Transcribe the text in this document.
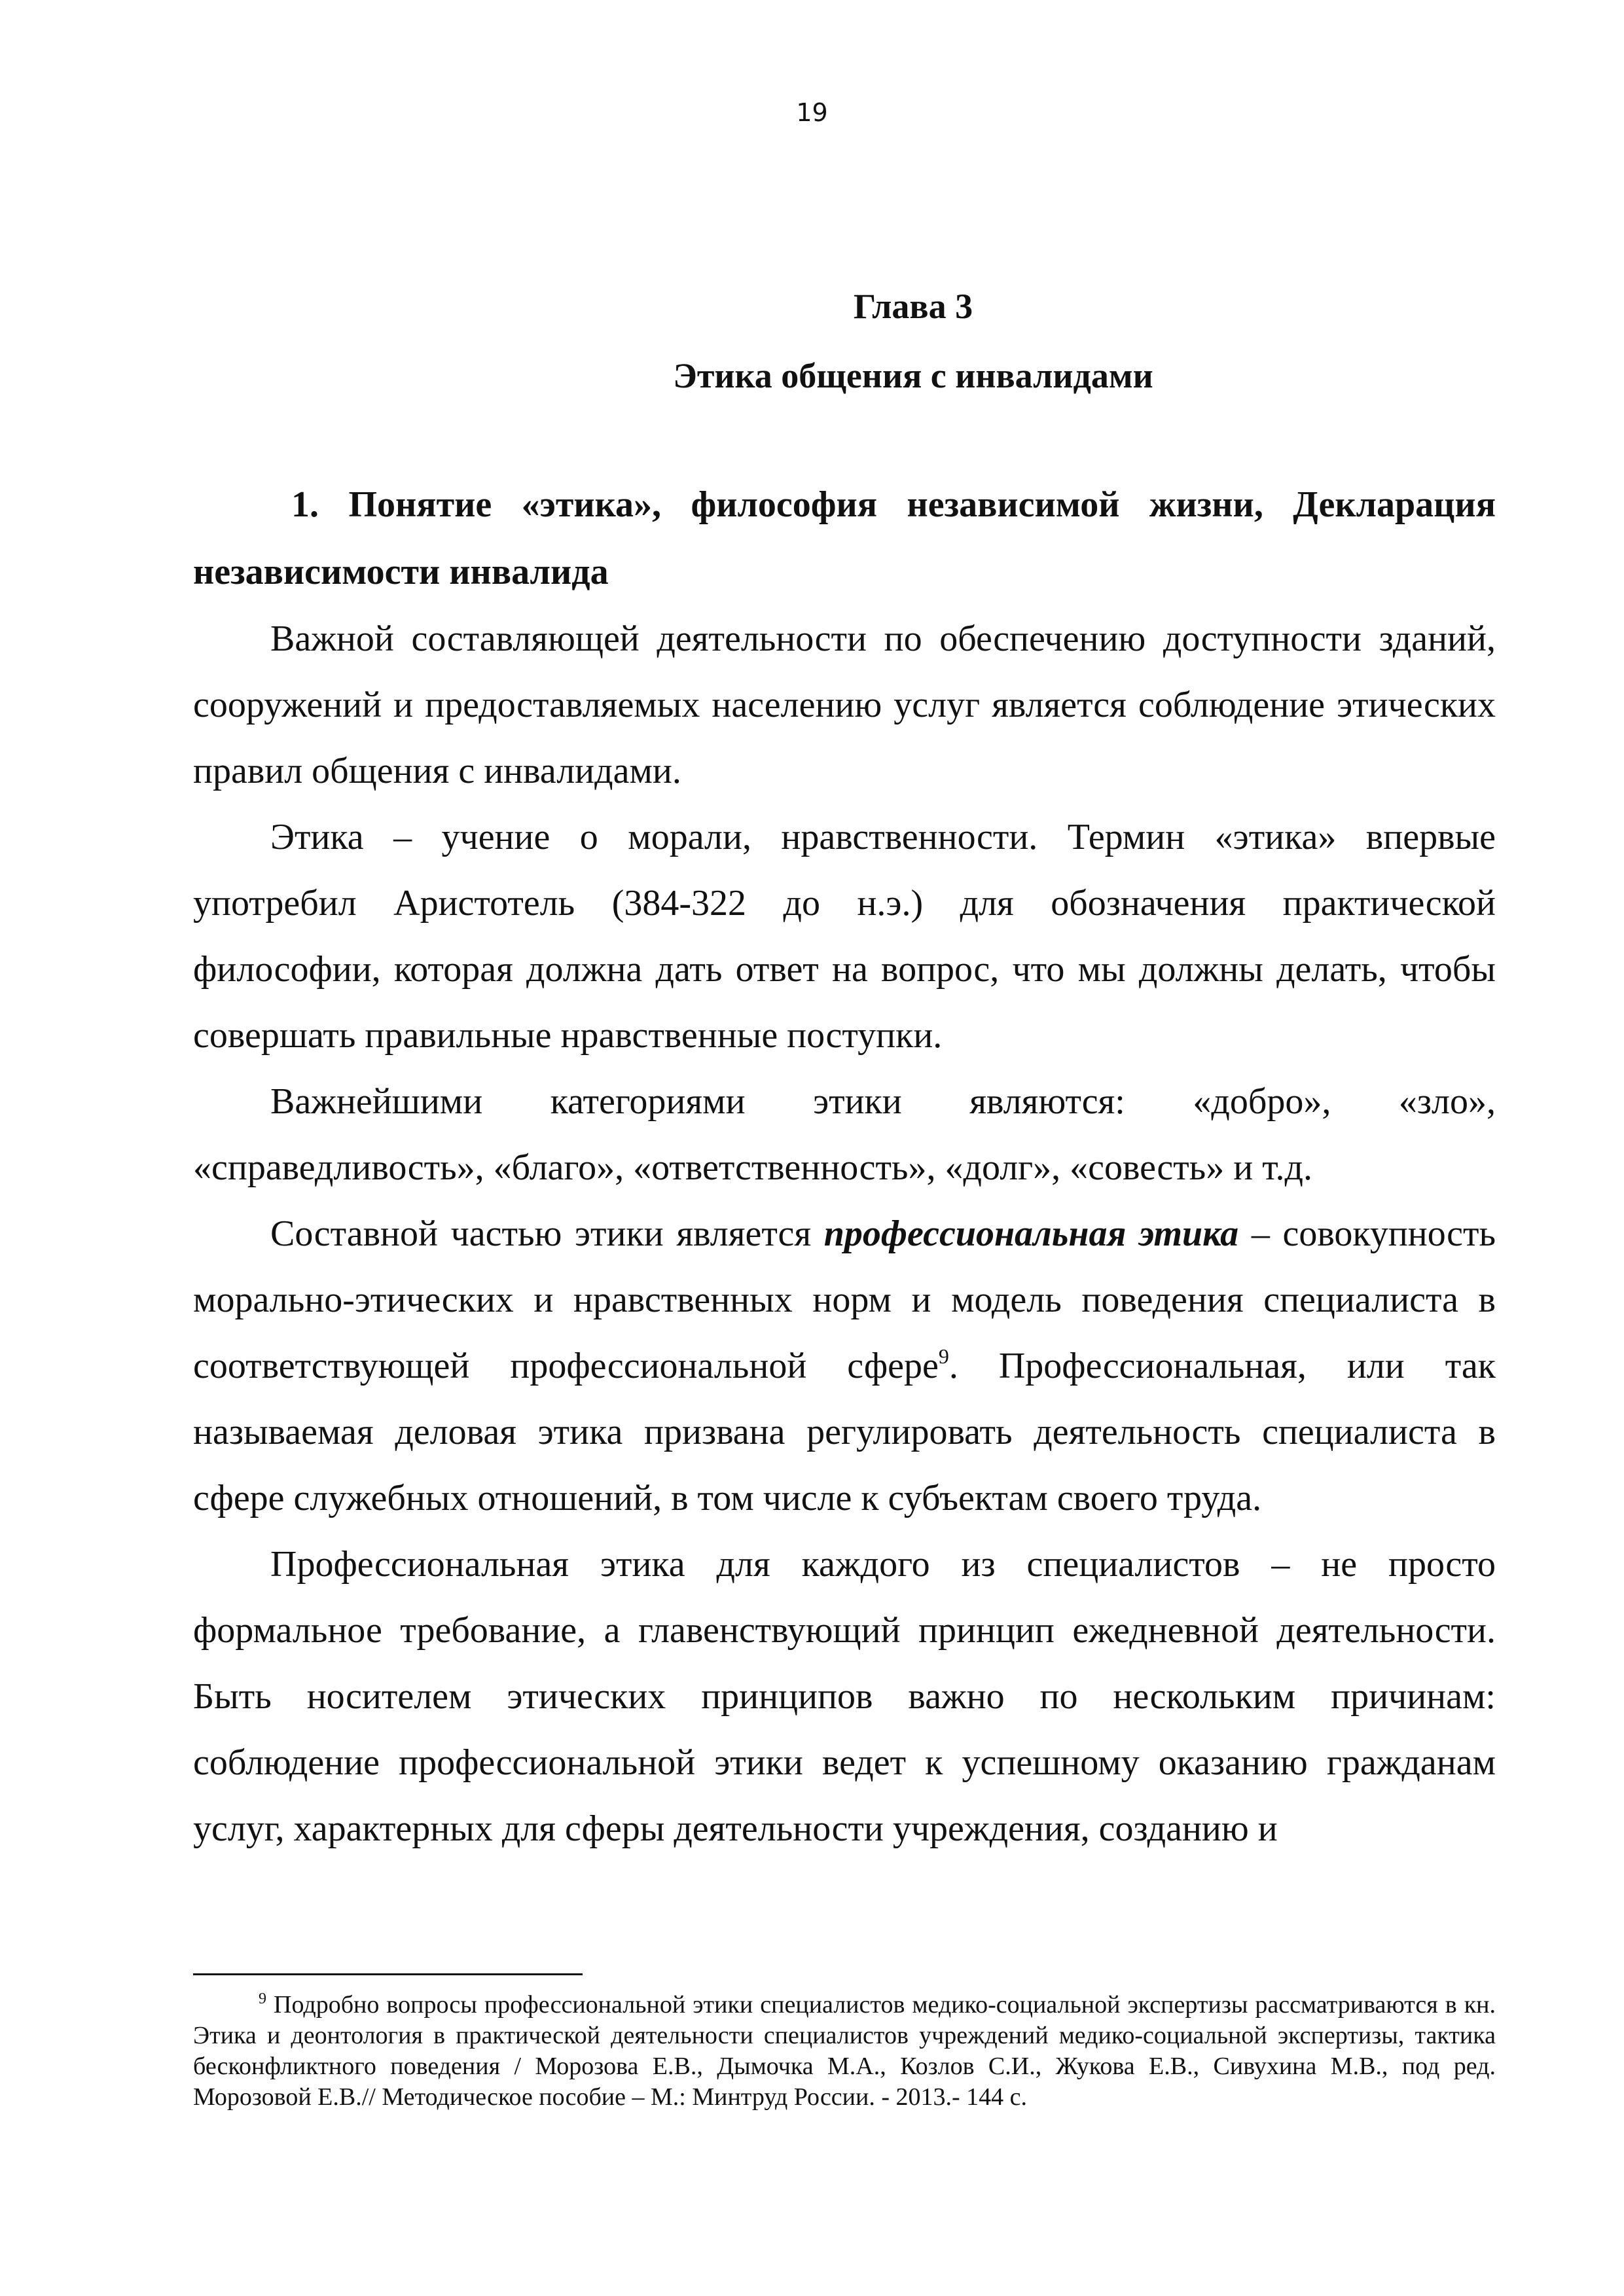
19
Глава 3
Этика общения с инвалидами

1. Понятие «этика», философия независимой жизни, Декларация независимости инвалида

Важной составляющей деятельности по обеспечению доступности зданий, сооружений и предоставляемых населению услуг является соблюдение этических правил общения с инвалидами.

Этика – учение о морали, нравственности. Термин «этика» впервые употребил Аристотель (384-322 до н.э.) для обозначения практической философии, которая должна дать ответ на вопрос, что мы должны делать, чтобы совершать правильные нравственные поступки.

Важнейшими категориями этики являются: «добро», «зло», «справедливость», «благо», «ответственность», «долг», «совесть» и т.д.

Составной частью этики является профессиональная этика – совокупность морально-этических и нравственных норм и модель поведения специалиста в соответствующей профессиональной сфере$^9$. Профессиональная, или так называемая деловая этика призвана регулировать деятельность специалиста в сфере служебных отношений, в том числе к субъектам своего труда.

Профессиональная этика для каждого из специалистов – не просто формальное требование, а главенствующий принцип ежедневной деятельности. Быть носителем этических принципов важно по нескольким причинам: соблюдение профессиональной этики ведет к успешному оказанию гражданам услуг, характерных для сферы деятельности учреждения, созданию и

$^9$ Подробно вопросы профессиональной этики специалистов медико-социальной экспертизы рассматриваются в кн. Этика и деонтология в практической деятельности специалистов учреждений медико-социальной экспертизы, тактика бесконфликтного поведения / Морозова Е.В., Дымочка М.А., Козлов С.И., Жукова Е.В., Сивухина М.В., под ред. Морозовой Е.В.// Методическое пособие – М.: Минтруд России. - 2013.- 144 с.
